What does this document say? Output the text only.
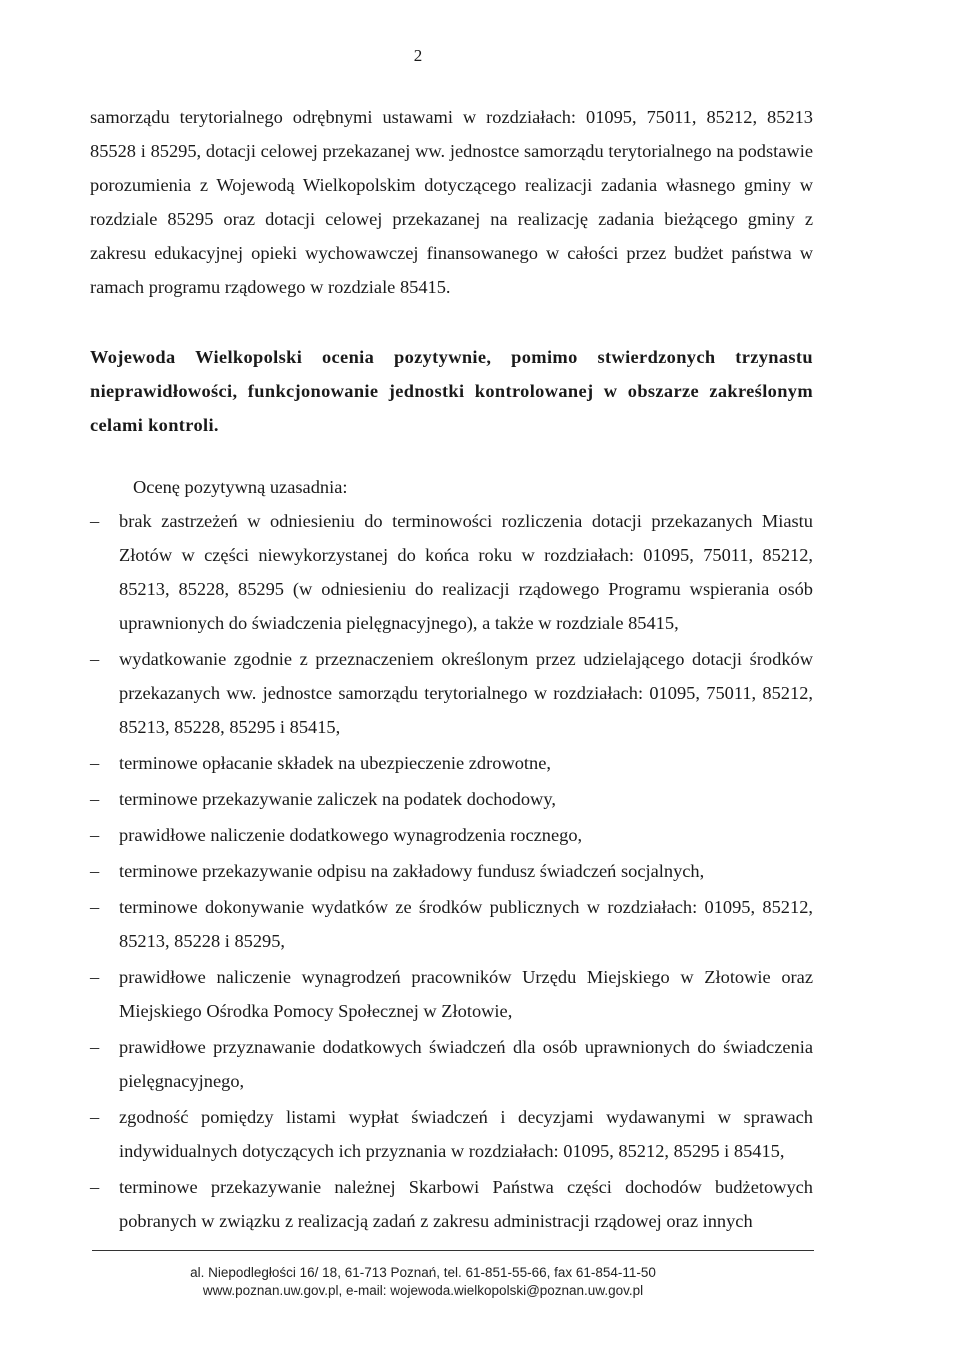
2

samorządu terytorialnego odrębnymi ustawami w rozdziałach: 01095, 75011, 85212, 85213 85528 i 85295, dotacji celowej przekazanej ww. jednostce samorządu terytorialnego na podstawie porozumienia z Wojewodą Wielkopolskim dotyczącego realizacji zadania własnego gminy w rozdziale 85295 oraz dotacji celowej przekazanej na realizację zadania bieżącego gminy z zakresu edukacyjnej opieki wychowawczej finansowanego w całości przez budżet państwa w ramach programu rządowego w rozdziale 85415.

Wojewoda Wielkopolski ocenia pozytywnie, pomimo stwierdzonych trzynastu nieprawidłowości, funkcjonowanie jednostki kontrolowanej w obszarze zakreślonym celami kontroli.

Ocenę pozytywną uzasadnia:

– brak zastrzeżeń w odniesieniu do terminowości rozliczenia dotacji przekazanych Miastu Złotów w części niewykorzystanej do końca roku w rozdziałach: 01095, 75011, 85212, 85213, 85228, 85295 (w odniesieniu do realizacji rządowego Programu wspierania osób uprawnionych do świadczenia pielęgnacyjnego), a także w rozdziale 85415,
– wydatkowanie zgodnie z przeznaczeniem określonym przez udzielającego dotacji środków przekazanych ww. jednostce samorządu terytorialnego w rozdziałach: 01095, 75011, 85212, 85213, 85228, 85295 i 85415,
– terminowe opłacanie składek na ubezpieczenie zdrowotne,
– terminowe przekazywanie zaliczek na podatek dochodowy,
– prawidłowe naliczenie dodatkowego wynagrodzenia rocznego,
– terminowe przekazywanie odpisu na zakładowy fundusz świadczeń socjalnych,
– terminowe dokonywanie wydatków ze środków publicznych w rozdziałach: 01095, 85212, 85213, 85228 i 85295,
– prawidłowe naliczenie wynagrodzeń pracowników Urzędu Miejskiego w Złotowie oraz Miejskiego Ośrodka Pomocy Społecznej w Złotowie,
– prawidłowe przyznawanie dodatkowych świadczeń dla osób uprawnionych do świadczenia pielęgnacyjnego,
– zgodność pomiędzy listami wypłat świadczeń i decyzjami wydawanymi w sprawach indywidualnych dotyczących ich przyznania w rozdziałach: 01095, 85212, 85295 i 85415,
– terminowe przekazywanie należnej Skarbowi Państwa części dochodów budżetowych pobranych w związku z realizacją zadań z zakresu administracji rządowej oraz innych
al. Niepodległości 16/ 18, 61-713 Poznań, tel. 61-851-55-66, fax 61-854-11-50
www.poznan.uw.gov.pl, e-mail: wojewoda.wielkopolski@poznan.uw.gov.pl
